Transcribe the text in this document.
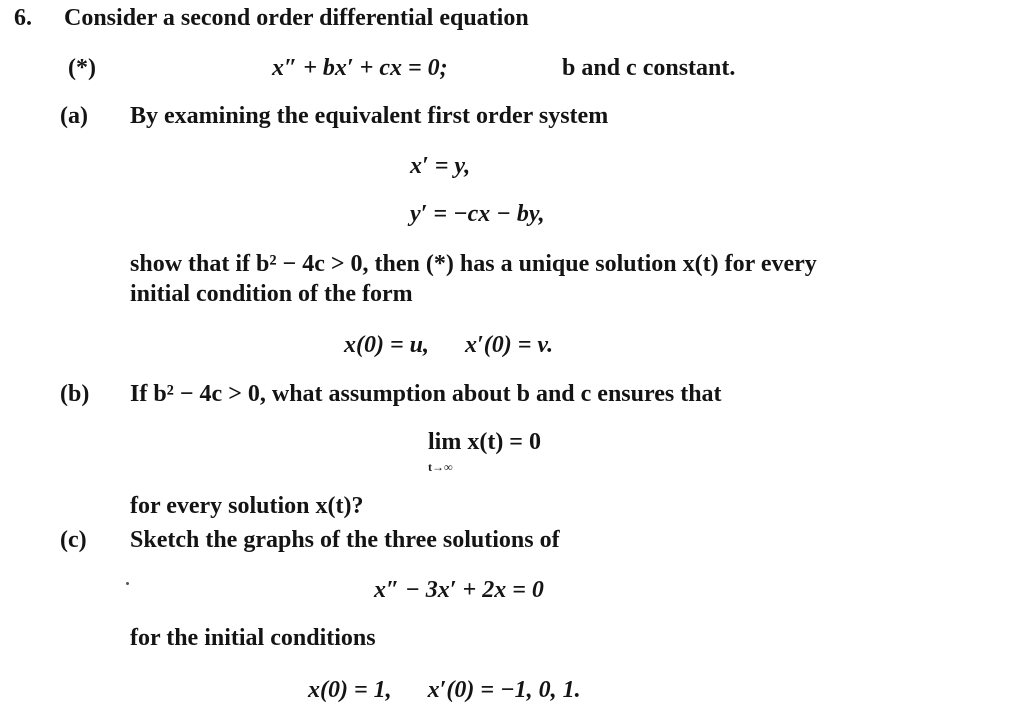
6. Consider a second order differential equation
(*)	x″ + bx′ + cx = 0;	b and c constant.
(a) By examining the equivalent first order system
x′ = y,
y′ = −cx − by,
show that if b² − 4c > 0, then (*) has a unique solution x(t) for every
initial condition of the form
x(0) = u,      x′(0) = v.
(b) If b² − 4c > 0, what assumption about b and c ensures that
lim x(t) = 0
t→∞
for every solution x(t)?
(c) Sketch the graphs of the three solutions of
x″ − 3x′ + 2x = 0
for the initial conditions
x(0) = 1,      x′(0) = −1, 0, 1.
